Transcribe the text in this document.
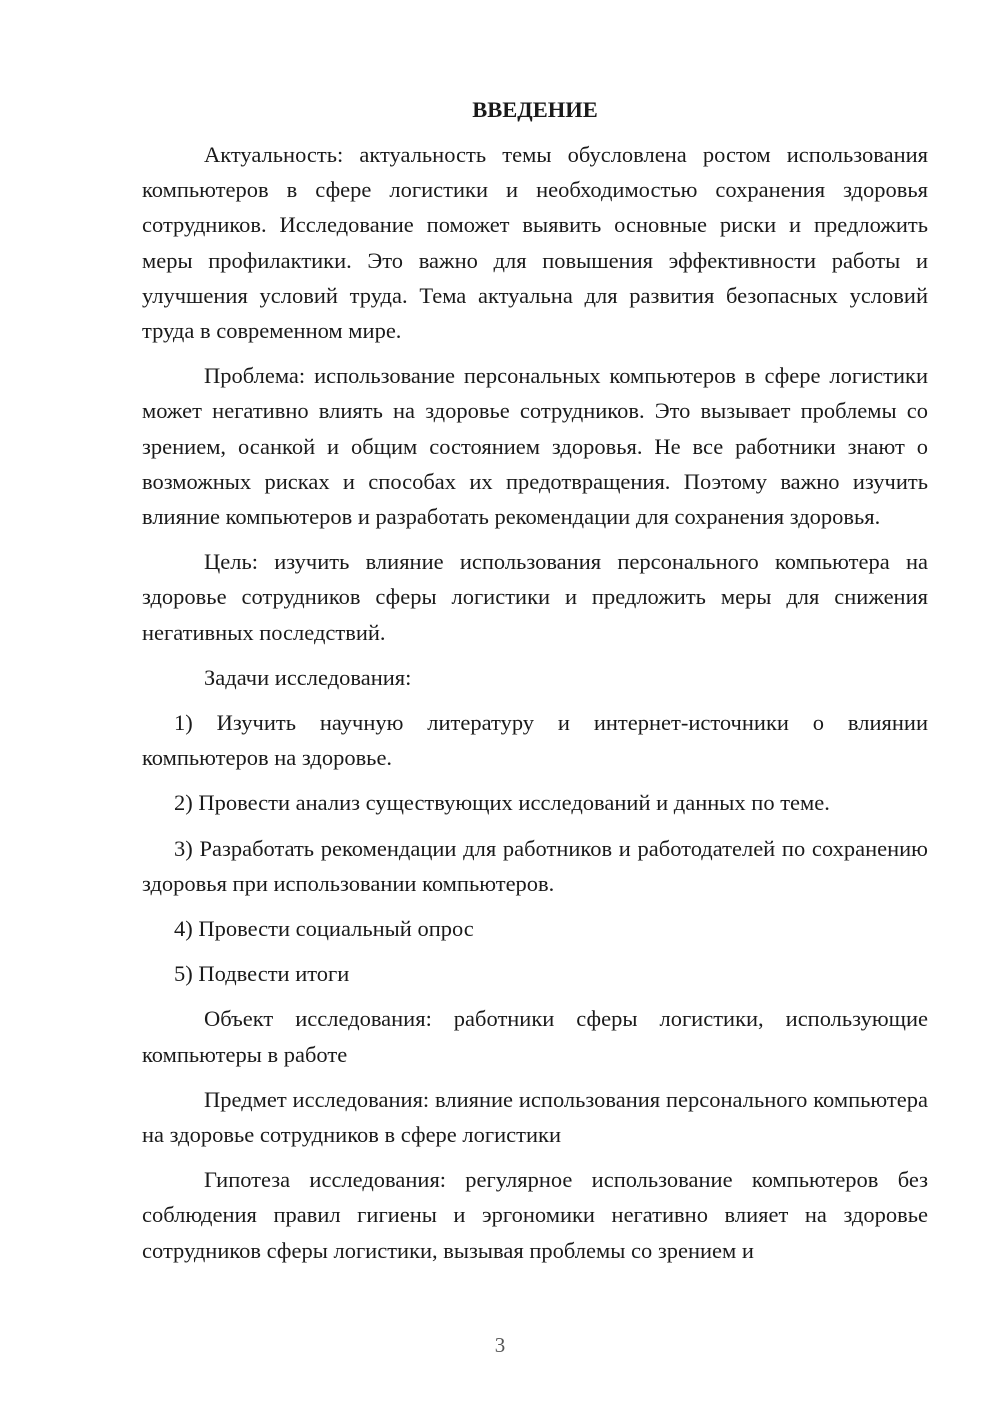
ВВЕДЕНИЕ

Актуальность: актуальность темы обусловлена ростом использования компьютеров в сфере логистики и необходимостью сохранения здоровья сотрудников. Исследование поможет выявить основные риски и предложить меры профилактики. Это важно для повышения эффективности работы и улучшения условий труда. Тема актуальна для развития безопасных условий труда в современном мире.

Проблема: использование персональных компьютеров в сфере логистики может негативно влиять на здоровье сотрудников. Это вызывает проблемы со зрением, осанкой и общим состоянием здоровья. Не все работники знают о возможных рисках и способах их предотвращения. Поэтому важно изучить влияние компьютеров и разработать рекомендации для сохранения здоровья.

Цель: изучить влияние использования персонального компьютера на здоровье сотрудников сферы логистики и предложить меры для снижения негативных последствий.

Задачи исследования:

1) Изучить научную литературу и интернет-источники о влиянии компьютеров на здоровье.

2) Провести анализ существующих исследований и данных по теме.

3) Разработать рекомендации для работников и работодателей по сохранению здоровья при использовании компьютеров.

4) Провести социальный опрос

5) Подвести итоги

Объект исследования: работники сферы логистики, использующие компьютеры в работе

Предмет исследования: влияние использования персонального компьютера на здоровье сотрудников в сфере логистики

Гипотеза исследования: регулярное использование компьютеров без соблюдения правил гигиены и эргономики негативно влияет на здоровье сотрудников сферы логистики, вызывая проблемы со зрением и

3
